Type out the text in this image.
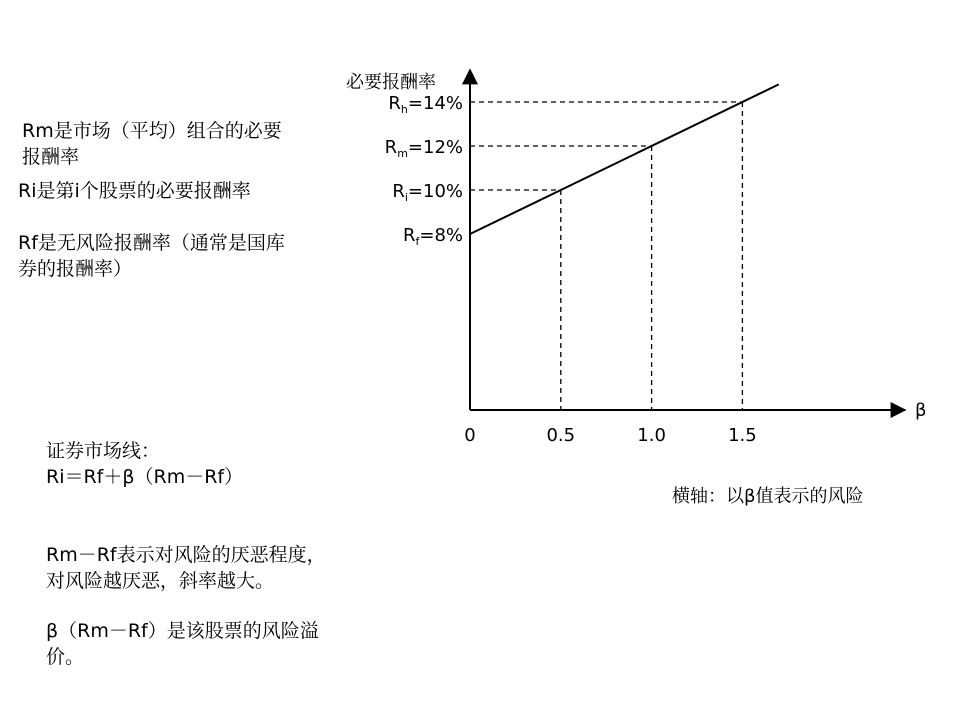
Rm是市场（平均）组合的必要
报酬率
Ri是第i个股票的必要报酬率
Rf是无风险报酬率（通常是国库
券的报酬率）
证券市场线：
Ri＝Rf＋β（Rm－Rf）
Rm－Rf表示对风险的厌恶程度，
对风险越厌恶，斜率越大。
β（Rm－Rf）是该股票的风险溢
价。
横轴：以β值表示的风险
必要报酬率
β
0	0.5	1.0	1.5
$R_h=14\%$
$R_m=12\%$
$R_i=10\%$
$R_f=8\%$
